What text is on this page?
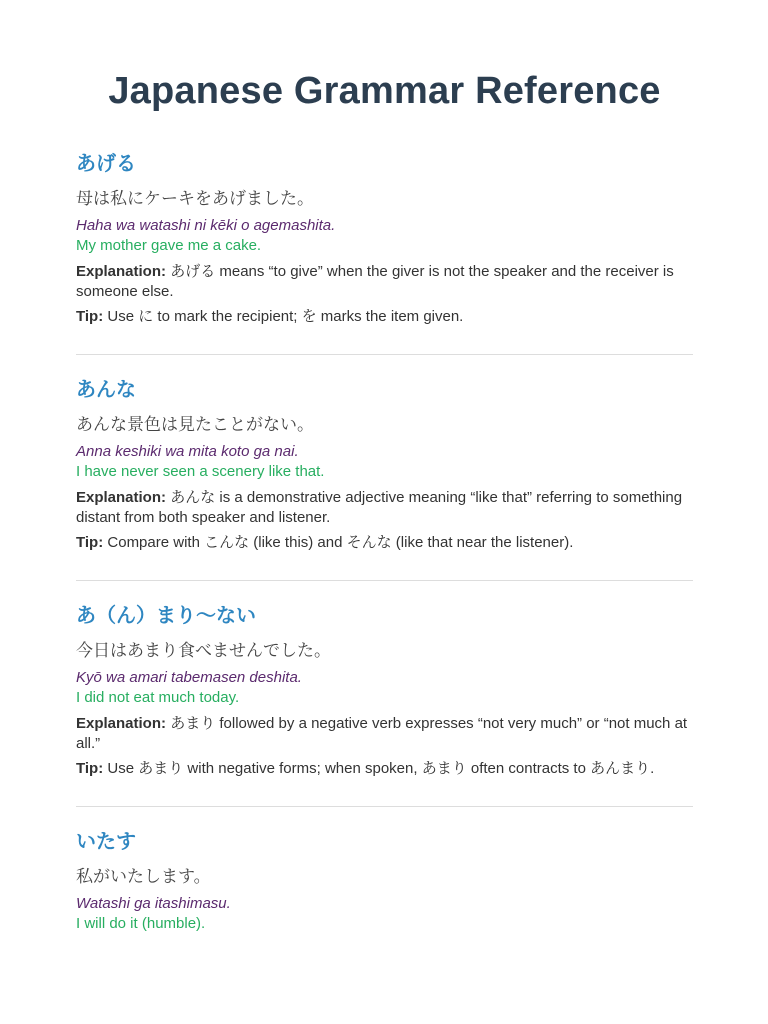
Japanese Grammar Reference
あげる
母は私にケーキをあげました。
Haha wa watashi ni kēki o agemashita.
My mother gave me a cake.
Explanation: あげる means “to give” when the giver is not the speaker and the receiver is someone else.
Tip: Use に to mark the recipient; を marks the item given.
あんな
あんな景色は見たことがない。
Anna keshiki wa mita koto ga nai.
I have never seen a scenery like that.
Explanation: あんな is a demonstrative adjective meaning “like that” referring to something distant from both speaker and listener.
Tip: Compare with こんな (like this) and そんな (like that near the listener).
あ（ん）まり〜ない
今日はあまり食べませんでした。
Kyō wa amari tabemasen deshita.
I did not eat much today.
Explanation: あまり followed by a negative verb expresses “not very much” or “not much at all.”
Tip: Use あまり with negative forms; when spoken, あまり often contracts to あんまり.
いたす
私がいたします。
Watashi ga itashimasu.
I will do it (humble).
